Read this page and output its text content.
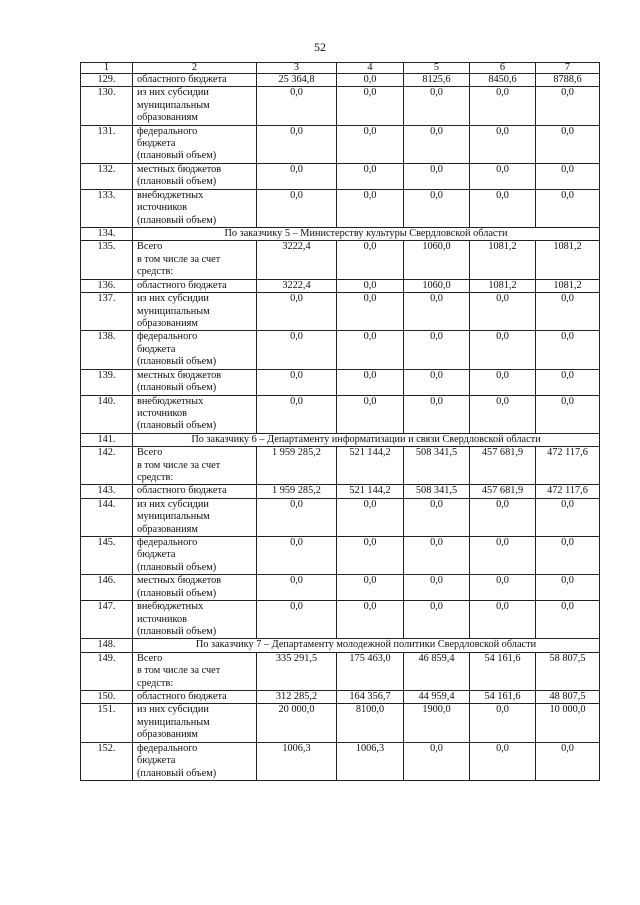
52
1	2	3	4	5	6	7
129.	областного бюджета	25 364,8	0,0	8125,6	8450,6	8788,6
130.	из них субсидии
муниципальным
образованиям	0,0	0,0	0,0	0,0	0,0
131.	федерального
бюджета
(плановый объем)	0,0	0,0	0,0	0,0	0,0
132.	местных бюджетов
(плановый объем)	0,0	0,0	0,0	0,0	0,0
133.	внебюджетных
источников
(плановый объем)	0,0	0,0	0,0	0,0	0,0
134.	По заказчику 5 – Министерству культуры Свердловской области					
135.	Всего
в том числе за счет
средств:	3222,4	0,0	1060,0	1081,2	1081,2
136.	областного бюджета	3222,4	0,0	1060,0	1081,2	1081,2
137.	из них субсидии
муниципальным
образованиям	0,0	0,0	0,0	0,0	0,0
138.	федерального
бюджета
(плановый объем)	0,0	0,0	0,0	0,0	0,0
139.	местных бюджетов
(плановый объем)	0,0	0,0	0,0	0,0	0,0
140.	внебюджетных
источников
(плановый объем)	0,0	0,0	0,0	0,0	0,0
141.	По заказчику 6 – Департаменту информатизации и связи Свердловской области					
142.	Всего
в том числе за счет
средств:	1 959 285,2	521 144,2	508 341,5	457 681,9	472 117,6
143.	областного бюджета	1 959 285,2	521 144,2	508 341,5	457 681,9	472 117,6
144.	из них субсидии
муниципальным
образованиям	0,0	0,0	0,0	0,0	0,0
145.	федерального
бюджета
(плановый объем)	0,0	0,0	0,0	0,0	0,0
146.	местных бюджетов
(плановый объем)	0,0	0,0	0,0	0,0	0,0
147.	внебюджетных
источников
(плановый объем)	0,0	0,0	0,0	0,0	0,0
148.	По заказчику 7 – Департаменту молодежной политики Свердловской области					
149.	Всего
в том числе за счет
средств:	335 291,5	175 463,0	46 859,4	54 161,6	58 807,5
150.	областного бюджета	312 285,2	164 356,7	44 959,4	54 161,6	48 807,5
151.	из них субсидии
муниципальным
образованиям	20 000,0	8100,0	1900,0	0,0	10 000,0
152.	федерального
бюджета
(плановый объем)	1006,3	1006,3	0,0	0,0	0,0
